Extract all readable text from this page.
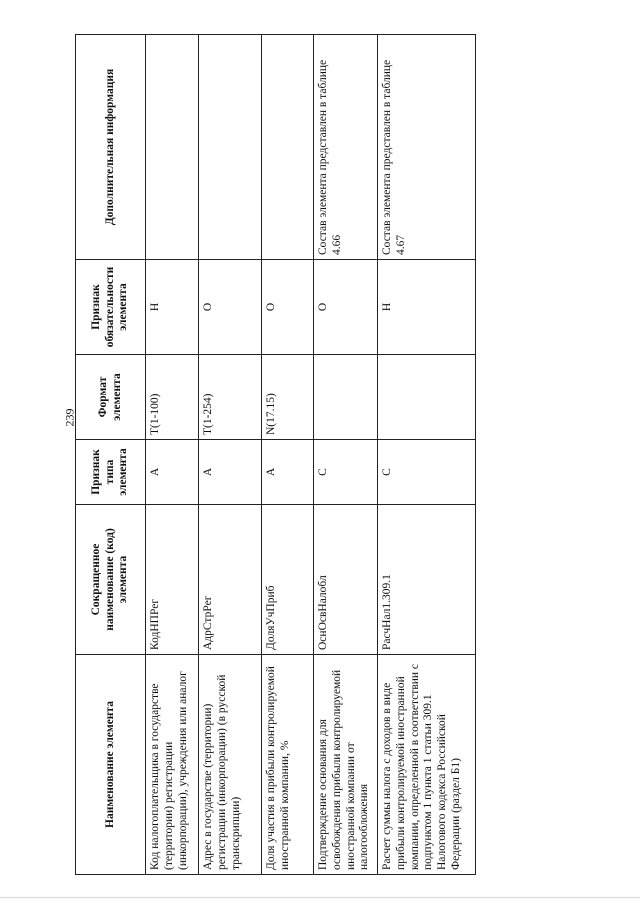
239
Наименование элемента	Сокращенное наименование (код) элемента	Признак типа элемента	Формат элемента	Признак обязательности элемента	Дополнительная информация
Код налогоплательщика в государстве (территории) регистрации (инкорпорации), учреждения или аналог	КодНПРег	А	T(1-100)	Н	
Адрес в государстве (территории) регистрации (инкорпорации) (в русской транскрипции)	АдрСтрРег	А	T(1-254)	О	
Доля участия в прибыли контролируемой иностранной компании, %	ДоляУчПриб	А	N(17.15)	О	
Подтверждение основания для освобождения прибыли контролируемой иностранной компании от налогообложения	ОснОсвНалобл	С		О	Состав элемента представлен в таблице 4.66
Расчет суммы налога с доходов в виде прибыли контролируемой иностранной компании, определенной в соответствии с подпунктом 1 пункта 1 статьи 309.1 Налогового кодекса Российской Федерации (раздел Б1)	РасчНал1.309.1	С		Н	Состав элемента представлен в таблице 4.67
